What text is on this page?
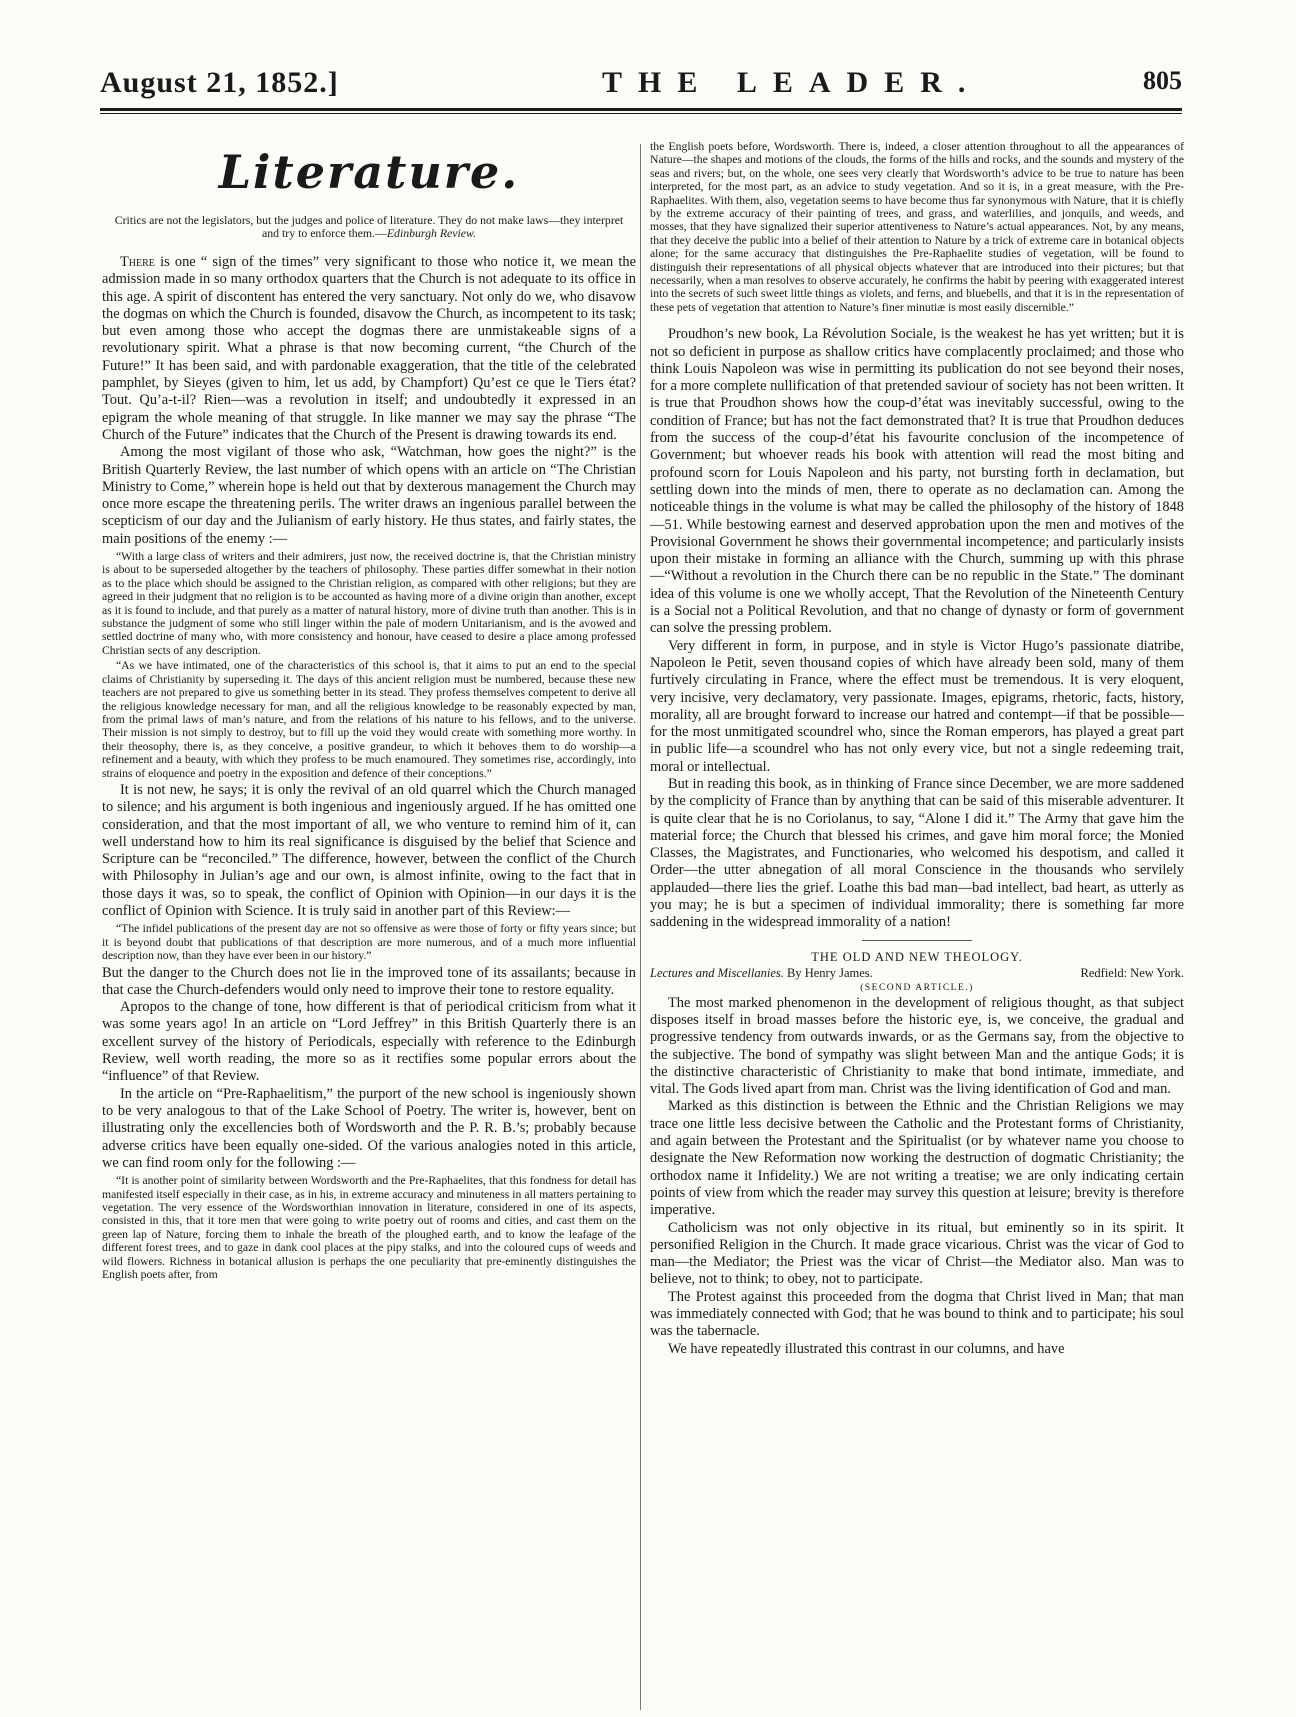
August 21, 1852.]	THE LEADER.	805
Literature.
Critics are not the legislators, but the judges and police of literature. They do not make laws—they interpret and try to enforce them.—Edinburgh Review.

There is one “ sign of the times” very significant to those who notice it, we mean the admission made in so many orthodox quarters that the Church is not adequate to its office in this age. A spirit of discontent has entered the very sanctuary. Not only do we, who disavow the dogmas on which the Church is founded, disavow the Church, as incompetent to its task; but even among those who accept the dogmas there are unmistakeable signs of a revolutionary spirit. What a phrase is that now becoming current, “the Church of the Future!” It has been said, and with pardonable exaggeration, that the title of the celebrated pamphlet, by Sieyes (given to him, let us add, by Champfort) Qu’est ce que le Tiers état? Tout. Qu’a-t-il? Rien—was a revolution in itself; and undoubtedly it expressed in an epigram the whole meaning of that struggle. In like manner we may say the phrase “The Church of the Future” indicates that the Church of the Present is drawing towards its end.

Among the most vigilant of those who ask, “Watchman, how goes the night?” is the British Quarterly Review, the last number of which opens with an article on “The Christian Ministry to Come,” wherein hope is held out that by dexterous management the Church may once more escape the threatening perils. The writer draws an ingenious parallel between the scepticism of our day and the Julianism of early history. He thus states, and fairly states, the main positions of the enemy :—

“With a large class of writers and their admirers, just now, the received doctrine is, that the Christian ministry is about to be superseded altogether by the teachers of philosophy. These parties differ somewhat in their notion as to the place which should be assigned to the Christian religion, as compared with other religions; but they are agreed in their judgment that no religion is to be accounted as having more of a divine origin than another, except as it is found to include, and that purely as a matter of natural history, more of divine truth than another. This is in substance the judgment of some who still linger within the pale of modern Unitarianism, and is the avowed and settled doctrine of many who, with more consistency and honour, have ceased to desire a place among professed Christian sects of any description.

“As we have intimated, one of the characteristics of this school is, that it aims to put an end to the special claims of Christianity by superseding it. The days of this ancient religion must be numbered, because these new teachers are not prepared to give us something better in its stead. They profess themselves competent to derive all the religious knowledge necessary for man, and all the religious knowledge to be reasonably expected by man, from the primal laws of man’s nature, and from the relations of his nature to his fellows, and to the universe. Their mission is not simply to destroy, but to fill up the void they would create with something more worthy. In their theosophy, there is, as they conceive, a positive grandeur, to which it behoves them to do worship—a refinement and a beauty, with which they profess to be much enamoured. They sometimes rise, accordingly, into strains of eloquence and poetry in the exposition and defence of their conceptions.”

It is not new, he says; it is only the revival of an old quarrel which the Church managed to silence; and his argument is both ingenious and ingeniously argued. If he has omitted one consideration, and that the most important of all, we who venture to remind him of it, can well understand how to him its real significance is disguised by the belief that Science and Scripture can be “reconciled.” The difference, however, between the conflict of the Church with Philosophy in Julian’s age and our own, is almost infinite, owing to the fact that in those days it was, so to speak, the conflict of Opinion with Opinion—in our days it is the conflict of Opinion with Science. It is truly said in another part of this Review:—

“The infidel publications of the present day are not so offensive as were those of forty or fifty years since; but it is beyond doubt that publications of that description are more numerous, and of a much more influential description now, than they have ever been in our history.”

But the danger to the Church does not lie in the improved tone of its assailants; because in that case the Church-defenders would only need to improve their tone to restore equality.

Apropos to the change of tone, how different is that of periodical criticism from what it was some years ago! In an article on “Lord Jeffrey” in this British Quarterly there is an excellent survey of the history of Periodicals, especially with reference to the Edinburgh Review, well worth reading, the more so as it rectifies some popular errors about the “influence” of that Review.

In the article on “Pre-Raphaelitism,” the purport of the new school is ingeniously shown to be very analogous to that of the Lake School of Poetry. The writer is, however, bent on illustrating only the excellencies both of Wordsworth and the P. R. B.’s; probably because adverse critics have been equally one-sided. Of the various analogies noted in this article, we can find room only for the following :—

“It is another point of similarity between Wordsworth and the Pre-Raphaelites, that this fondness for detail has manifested itself especially in their case, as in his, in extreme accuracy and minuteness in all matters pertaining to vegetation. The very essence of the Wordsworthian innovation in literature, considered in one of its aspects, consisted in this, that it tore men that were going to write poetry out of rooms and cities, and cast them on the green lap of Nature, forcing them to inhale the breath of the ploughed earth, and to know the leafage of the different forest trees, and to gaze in dank cool places at the pipy stalks, and into the coloured cups of weeds and wild flowers. Richness in botanical allusion is perhaps the one peculiarity that pre-eminently distinguishes the English poets after, from

the English poets before, Wordsworth. There is, indeed, a closer attention throughout to all the appearances of Nature—the shapes and motions of the clouds, the forms of the hills and rocks, and the sounds and mystery of the seas and rivers; but, on the whole, one sees very clearly that Wordsworth’s advice to be true to nature has been interpreted, for the most part, as an advice to study vegetation. And so it is, in a great measure, with the Pre-Raphaelites. With them, also, vegetation seems to have become thus far synonymous with Nature, that it is chiefly by the extreme accuracy of their painting of trees, and grass, and waterlilies, and jonquils, and weeds, and mosses, that they have signalized their superior attentiveness to Nature’s actual appearances. Not, by any means, that they deceive the public into a belief of their attention to Nature by a trick of extreme care in botanical objects alone; for the same accuracy that distinguishes the Pre-Raphaelite studies of vegetation, will be found to distinguish their representations of all physical objects whatever that are introduced into their pictures; but that necessarily, when a man resolves to observe accurately, he confirms the habit by peering with exaggerated interest into the secrets of such sweet little things as violets, and ferns, and bluebells, and that it is in the representation of these pets of vegetation that attention to Nature’s finer minutiæ is most easily discernible.”

Proudhon’s new book, La Révolution Sociale, is the weakest he has yet written; but it is not so deficient in purpose as shallow critics have complacently proclaimed; and those who think Louis Napoleon was wise in permitting its publication do not see beyond their noses, for a more complete nullification of that pretended saviour of society has not been written. It is true that Proudhon shows how the coup-d’état was inevitably successful, owing to the condition of France; but has not the fact demonstrated that? It is true that Proudhon deduces from the success of the coup-d’état his favourite conclusion of the incompetence of Government; but whoever reads his book with attention will read the most biting and profound scorn for Louis Napoleon and his party, not bursting forth in declamation, but settling down into the minds of men, there to operate as no declamation can. Among the noticeable things in the volume is what may be called the philosophy of the history of 1848—51. While bestowing earnest and deserved approbation upon the men and motives of the Provisional Government he shows their governmental incompetence; and particularly insists upon their mistake in forming an alliance with the Church, summing up with this phrase—“Without a revolution in the Church there can be no republic in the State.” The dominant idea of this volume is one we wholly accept, That the Revolution of the Nineteenth Century is a Social not a Political Revolution, and that no change of dynasty or form of government can solve the pressing problem.

Very different in form, in purpose, and in style is Victor Hugo’s passionate diatribe, Napoleon le Petit, seven thousand copies of which have already been sold, many of them furtively circulating in France, where the effect must be tremendous. It is very eloquent, very incisive, very declamatory, very passionate. Images, epigrams, rhetoric, facts, history, morality, all are brought forward to increase our hatred and contempt—if that be possible—for the most unmitigated scoundrel who, since the Roman emperors, has played a great part in public life—a scoundrel who has not only every vice, but not a single redeeming trait, moral or intellectual.

But in reading this book, as in thinking of France since December, we are more saddened by the complicity of France than by anything that can be said of this miserable adventurer. It is quite clear that he is no Coriolanus, to say, “Alone I did it.” The Army that gave him the material force; the Church that blessed his crimes, and gave him moral force; the Monied Classes, the Magistrates, and Functionaries, who welcomed his despotism, and called it Order—the utter abnegation of all moral Conscience in the thousands who servilely applauded—there lies the grief. Loathe this bad man—bad intellect, bad heart, as utterly as you may; he is but a specimen of individual immorality; there is something far more saddening in the widespread immorality of a nation!

THE OLD AND NEW THEOLOGY.
Lectures and Miscellanies. By Henry James.	Redfield: New York.
(SECOND ARTICLE.)

The most marked phenomenon in the development of religious thought, as that subject disposes itself in broad masses before the historic eye, is, we conceive, the gradual and progressive tendency from outwards inwards, or as the Germans say, from the objective to the subjective. The bond of sympathy was slight between Man and the antique Gods; it is the distinctive characteristic of Christianity to make that bond intimate, immediate, and vital. The Gods lived apart from man. Christ was the living identification of God and man.

Marked as this distinction is between the Ethnic and the Christian Religions we may trace one little less decisive between the Catholic and the Protestant forms of Christianity, and again between the Protestant and the Spiritualist (or by whatever name you choose to designate the New Reformation now working the destruction of dogmatic Christianity; the orthodox name it Infidelity.) We are not writing a treatise; we are only indicating certain points of view from which the reader may survey this question at leisure; brevity is therefore imperative.

Catholicism was not only objective in its ritual, but eminently so in its spirit. It personified Religion in the Church. It made grace vicarious. Christ was the vicar of God to man—the Mediator; the Priest was the vicar of Christ—the Mediator also. Man was to believe, not to think; to obey, not to participate.

The Protest against this proceeded from the dogma that Christ lived in Man; that man was immediately connected with God; that he was bound to think and to participate; his soul was the tabernacle.

We have repeatedly illustrated this contrast in our columns, and have
